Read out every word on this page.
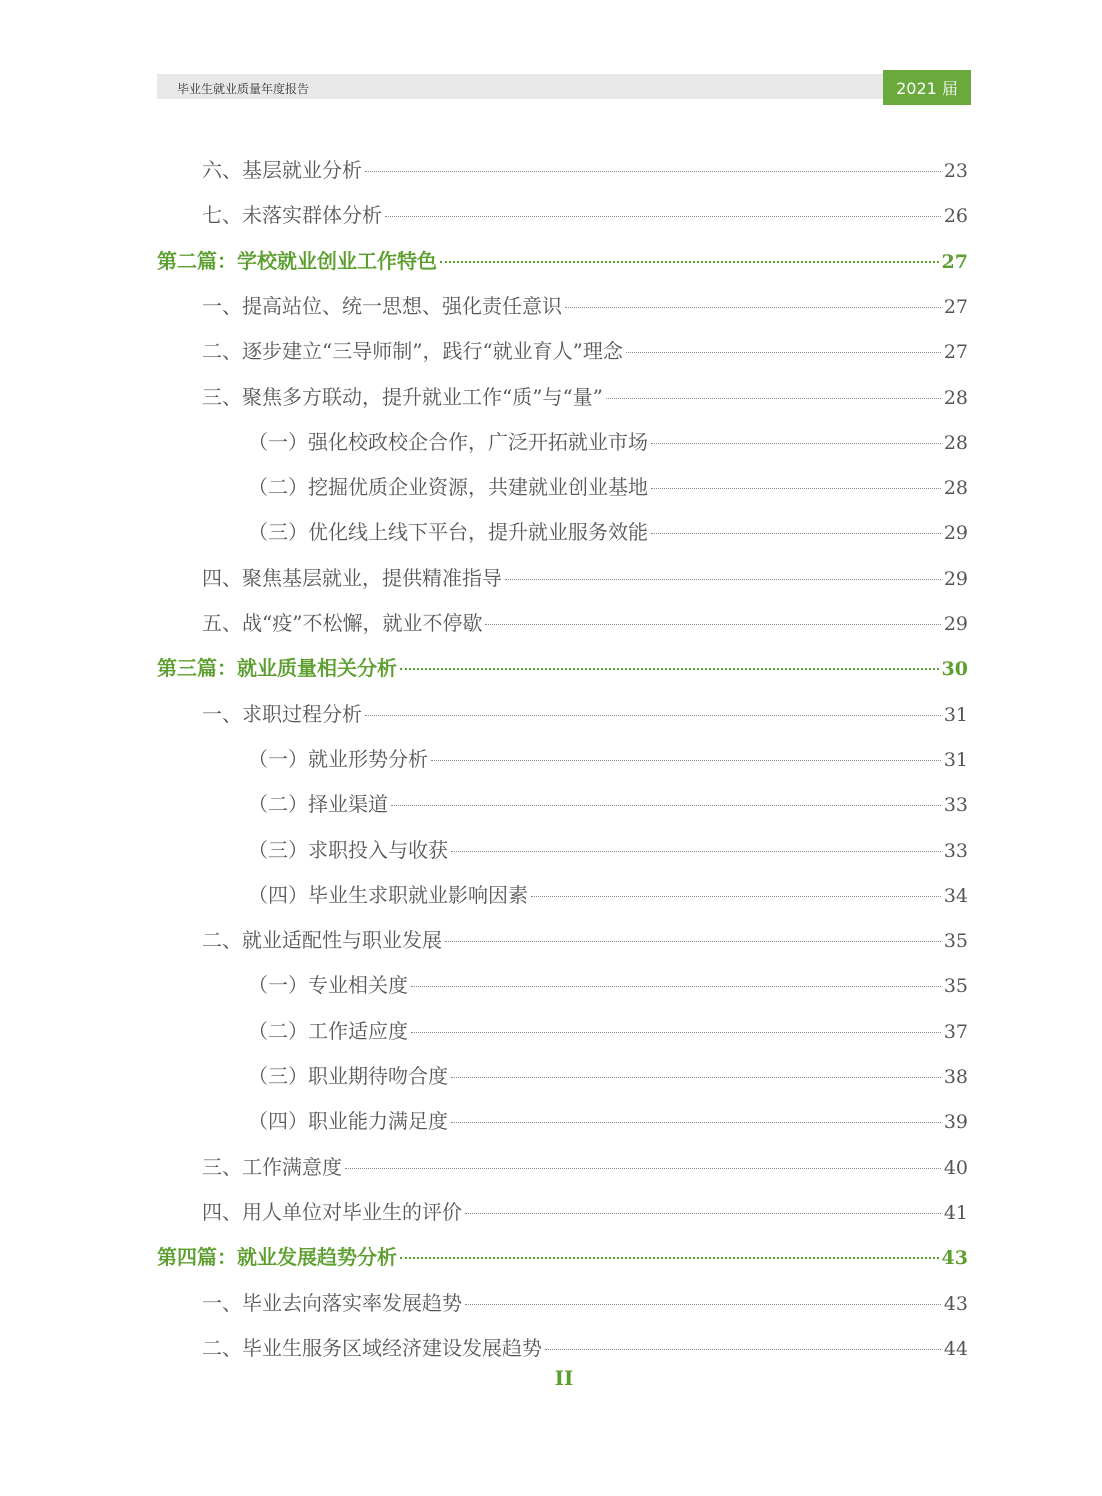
毕业生就业质量年度报告	2021 届
六、基层就业分析	23
七、未落实群体分析	26
第二篇：学校就业创业工作特色	27
一、提高站位、统一思想、强化责任意识	27
二、逐步建立“三导师制”，践行“就业育人”理念	27
三、聚焦多方联动，提升就业工作“质”与“量”	28
（一）强化校政校企合作，广泛开拓就业市场	28
（二）挖掘优质企业资源，共建就业创业基地	28
（三）优化线上线下平台，提升就业服务效能	29
四、聚焦基层就业，提供精准指导	29
五、战“疫”不松懈，就业不停歇	29
第三篇：就业质量相关分析	30
一、求职过程分析	31
（一）就业形势分析	31
（二）择业渠道	33
（三）求职投入与收获	33
（四）毕业生求职就业影响因素	34
二、就业适配性与职业发展	35
（一）专业相关度	35
（二）工作适应度	37
（三）职业期待吻合度	38
（四）职业能力满足度	39
三、工作满意度	40
四、用人单位对毕业生的评价	41
第四篇：就业发展趋势分析	43
一、毕业去向落实率发展趋势	43
二、毕业生服务区域经济建设发展趋势	44
II
